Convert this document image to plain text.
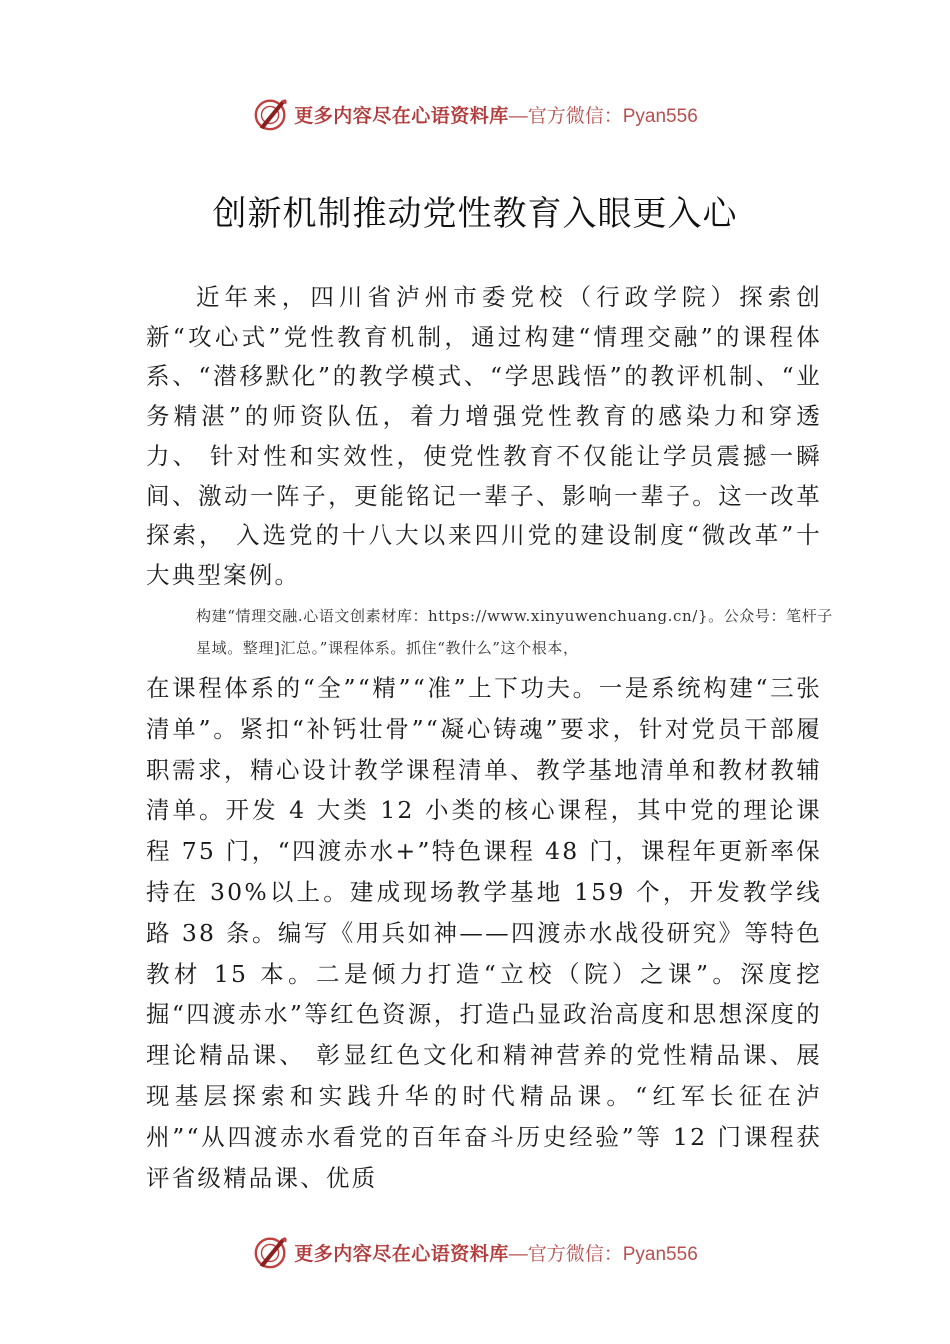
更多内容尽在心语资料库 —官方微信：Pyan556
创新机制推动党性教育入眼更入心

近年来，四川省泸州市委党校（行政学院）探索创新“攻心式”党性教育机制，通过构建“情理交融”的课程体系、“潜移默化”的教学模式、“学思践悟”的教评机制、“业务精湛”的师资队伍，着力增强党性教育的感染力和穿透力、 针对性和实效性，使党性教育不仅能让学员震撼一瞬间、激动一阵子，更能铭记一辈子、影响一辈子。这一改革探索， 入选党的十八大以来四川党的建设制度“微改革”十大典型案例。

构建“情理交融.心语文创素材库：https://www.xinyuwenchuang.cn/}。公众号：笔杆子星域。整理]汇总。”课程体系。抓住“教什么”这个根本，

在课程体系的“全”“精”“准”上下功夫。一是系统构建“三张清单”。紧扣“补钙壮骨”“凝心铸魂”要求，针对党员干部履职需求，精心设计教学课程清单、教学基地清单和教材教辅清单。开发 4 大类 12 小类的核心课程，其中党的理论课程 75 门，“四渡赤水+”特色课程 48 门，课程年更新率保持在 30%以上。建成现场教学基地 159 个，开发教学线路 38 条。编写《用兵如神——四渡赤水战役研究》等特色教材 15 本。二是倾力打造“立校（院）之课”。深度挖掘“四渡赤水”等红色资源，打造凸显政治高度和思想深度的理论精品课、 彰显红色文化和精神营养的党性精品课、展现基层探索和实践升华的时代精品课。“红军长征在泸州”“从四渡赤水看党的百年奋斗历史经验”等 12 门课程获评省级精品课、优质

更多内容尽在心语资料库 —官方微信：Pyan556
